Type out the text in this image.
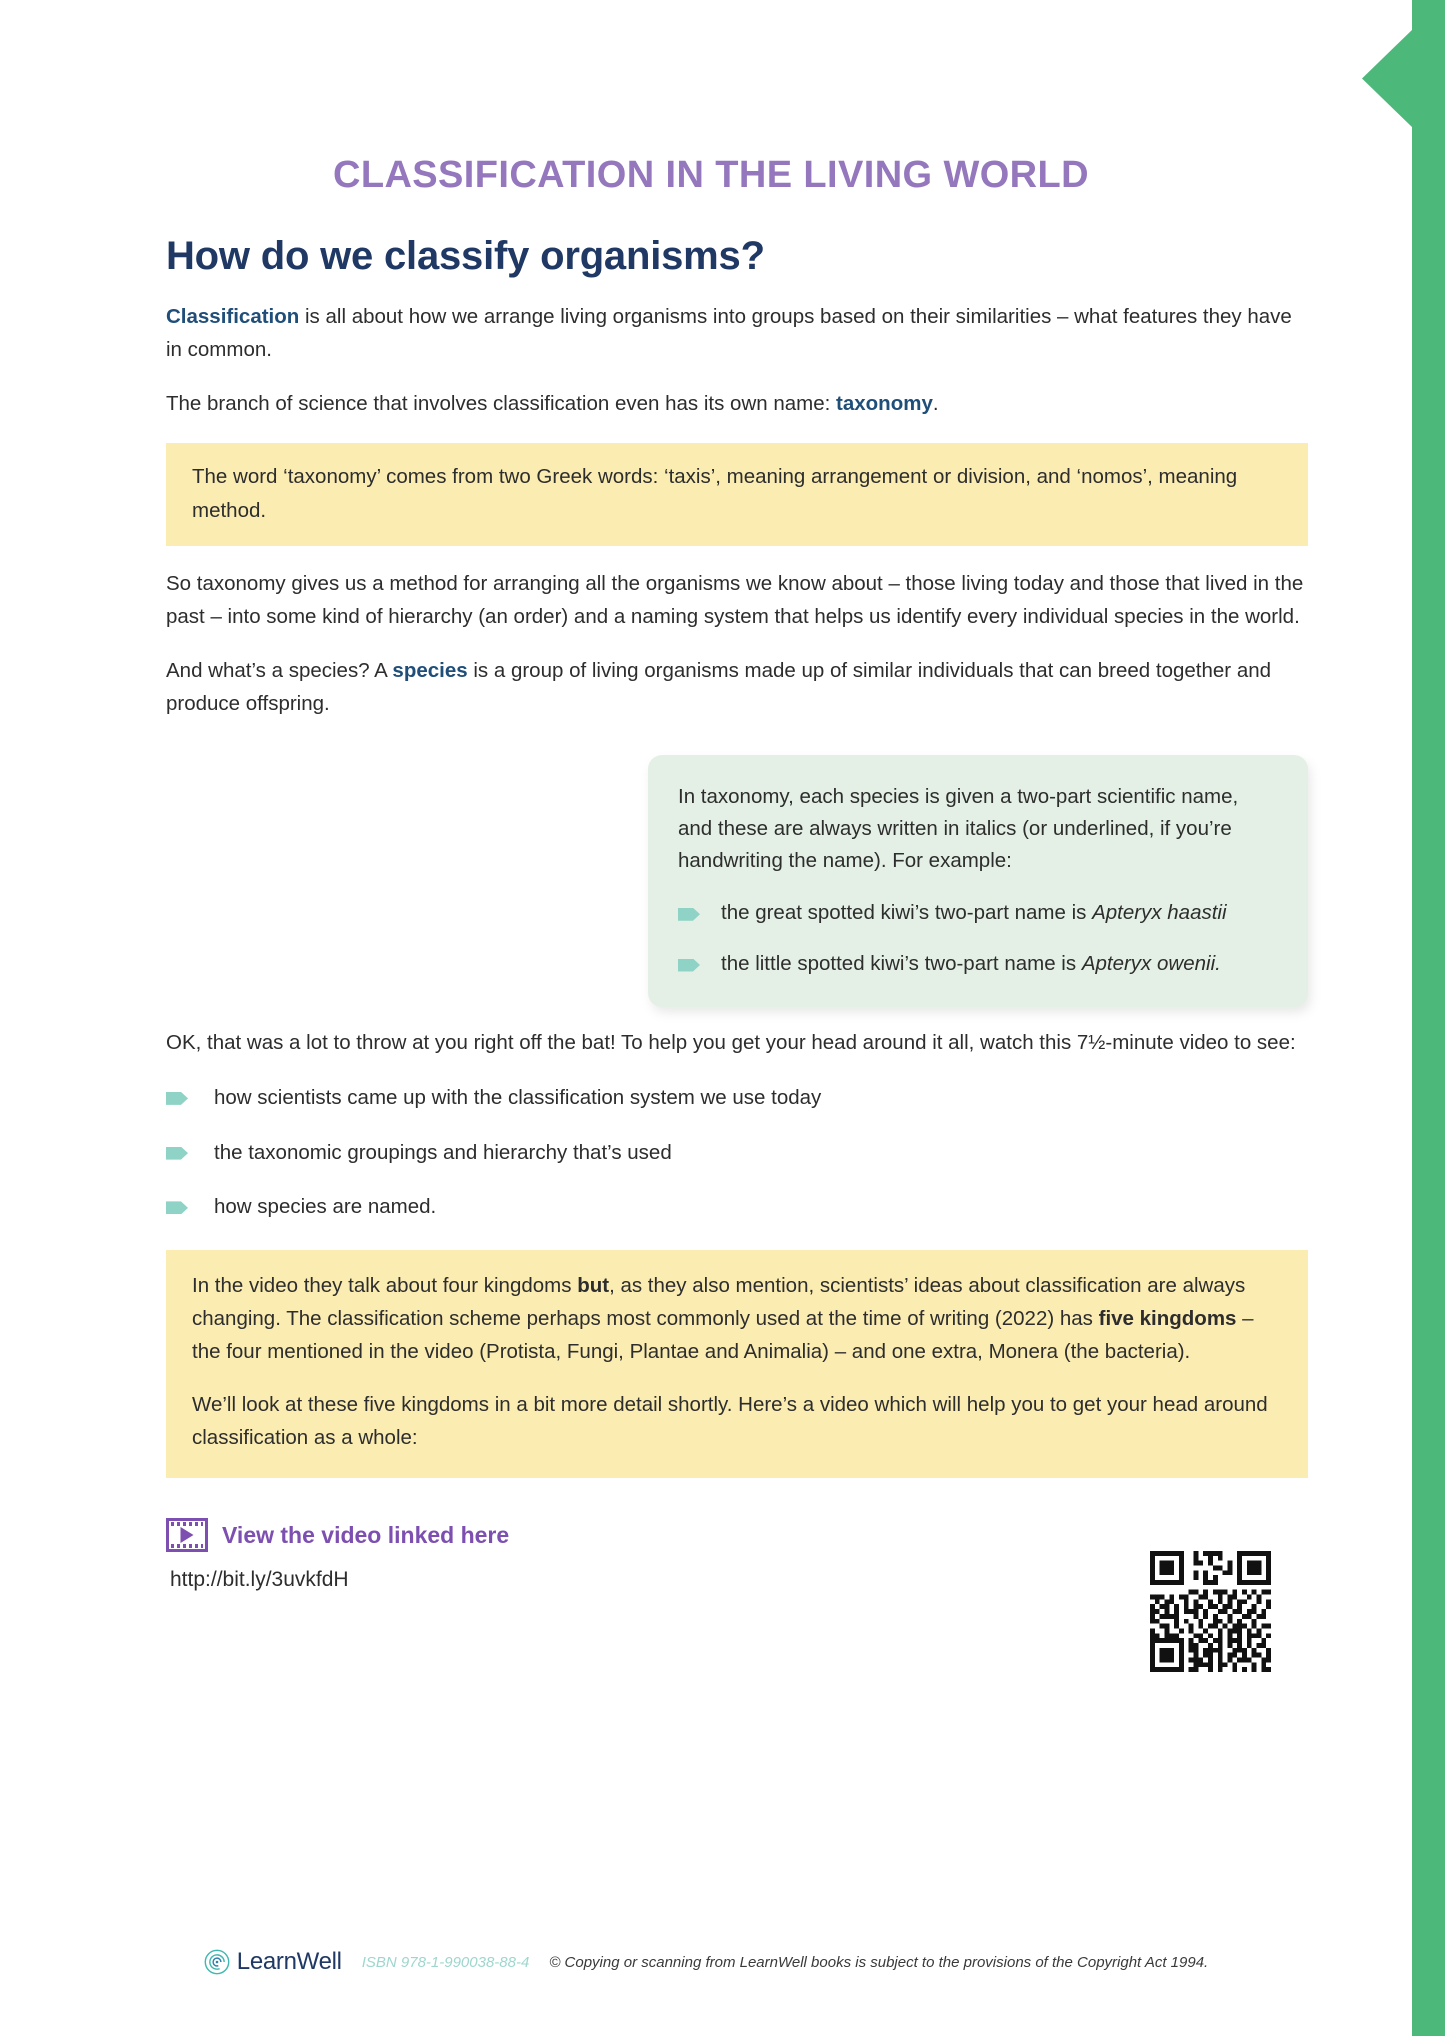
CLASSIFICATION IN THE LIVING WORLD
How do we classify organisms?

Classification is all about how we arrange living organisms into groups based on their similarities – what features they have in common.

The branch of science that involves classification even has its own name: taxonomy.

The word ‘taxonomy’ comes from two Greek words: ‘taxis’, meaning arrangement or division, and ‘nomos’, meaning method.

So taxonomy gives us a method for arranging all the organisms we know about – those living today and those that lived in the past – into some kind of hierarchy (an order) and a naming system that helps us identify every individual species in the world.

And what’s a species? A species is a group of living organisms made up of similar individuals that can breed together and produce offspring.

In taxonomy, each species is given a two-part scientific name, and these are always written in italics (or underlined, if you’re handwriting the name). For example:

the great spotted kiwi’s two-part name is Apteryx haastii
the little spotted kiwi’s two-part name is Apteryx owenii.

OK, that was a lot to throw at you right off the bat! To help you get your head around it all, watch this 7½-minute video to see:

how scientists came up with the classification system we use today
the taxonomic groupings and hierarchy that’s used
how species are named.

In the video they talk about four kingdoms but, as they also mention, scientists’ ideas about classification are always changing. The classification scheme perhaps most commonly used at the time of writing (2022) has five kingdoms – the four mentioned in the video (Protista, Fungi, Plantae and Animalia) – and one extra, Monera (the bacteria).

We’ll look at these five kingdoms in a bit more detail shortly. Here’s a video which will help you to get your head around classification as a whole:

View the video linked here
http://bit.ly/3uvkfdH
LearnWell ISBN 978-1-990038-88-4 © Copying or scanning from LearnWell books is subject to the provisions of the Copyright Act 1994.
